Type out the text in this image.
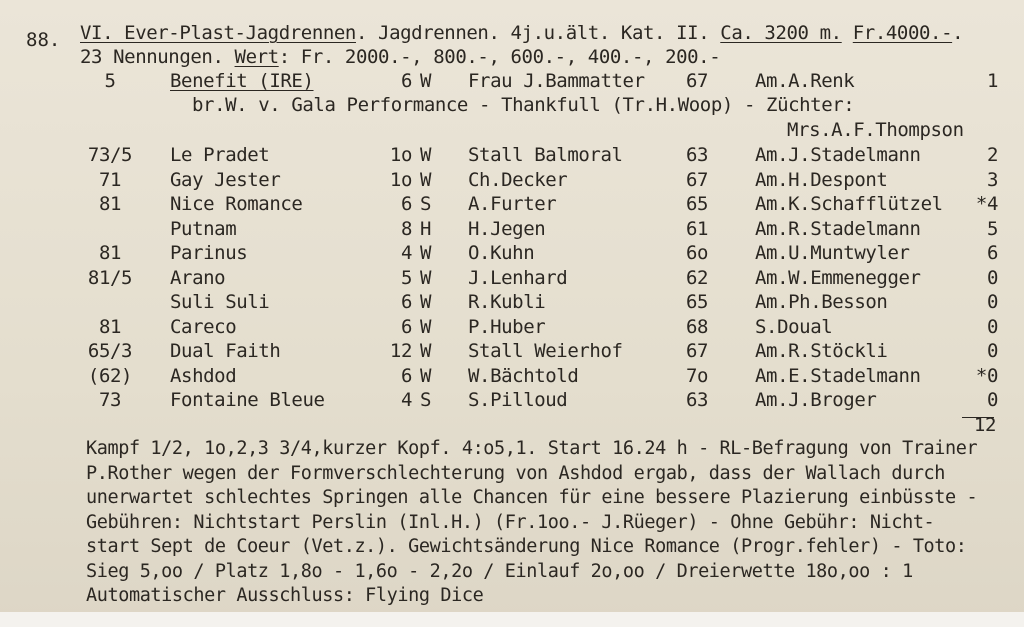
88. VI. Ever-Plast-Jagdrennen. Jagdrennen. 4j.u.ält. Kat. II. Ca. 3200 m. Fr.4000.-.
23 Nennungen. Wert: Fr. 2000.-, 800.-, 600.-, 400.-, 200.-
5	Benefit (IRE)	6 W Frau J.Bammatter 67 Am.A.Renk	1
br.W. v. Gala Performance - Thankfull (Tr.H.Woop) - Züchter:
Mrs.A.F.Thompson
73/5	Le Pradet	1o W Stall Balmoral	63 Am.J.Stadelmann	2
71	Gay Jester	1o W Ch.Decker	67 Am.H.Despont	3
81	Nice Romance	6 S A.Furter	65 Am.K.Schafflützel	*4
Putnam	8 H H.Jegen	61 Am.R.Stadelmann	5
81	Parinus	4 W O.Kuhn	6o Am.U.Muntwyler	6
81/5	Arano	5 W J.Lenhard	62 Am.W.Emmenegger	0
Suli Suli	6 W R.Kubli	65 Am.Ph.Besson	0
81	Careco	6 W P.Huber	68 S.Doual	0
65/3	Dual Faith	12 W Stall Weierhof	67 Am.R.Stöckli	0
(62)	Ashdod	6 W W.Bächtold	7o Am.E.Stadelmann	*0
73	Fontaine Bleue	4 S S.Pilloud	63 Am.J.Broger	0
12
Kampf 1/2, 1o,2,3 3/4,kurzer Kopf. 4:o5,1. Start 16.24 h - RL-Befragung von Trainer
P.Rother wegen der Formverschlechterung von Ashdod ergab, dass der Wallach durch
unerwartet schlechtes Springen alle Chancen für eine bessere Plazierung einbüsste -
Gebühren: Nichtstart Perslin (Inl.H.) (Fr.1oo.- J.Rüeger) - Ohne Gebühr: Nicht-
start Sept de Coeur (Vet.z.). Gewichtsänderung Nice Romance (Progr.fehler) - Toto:
Sieg 5,oo / Platz 1,8o - 1,6o - 2,2o / Einlauf 2o,oo / Dreierwette 18o,oo : 1
Automatischer Ausschluss: Flying Dice
